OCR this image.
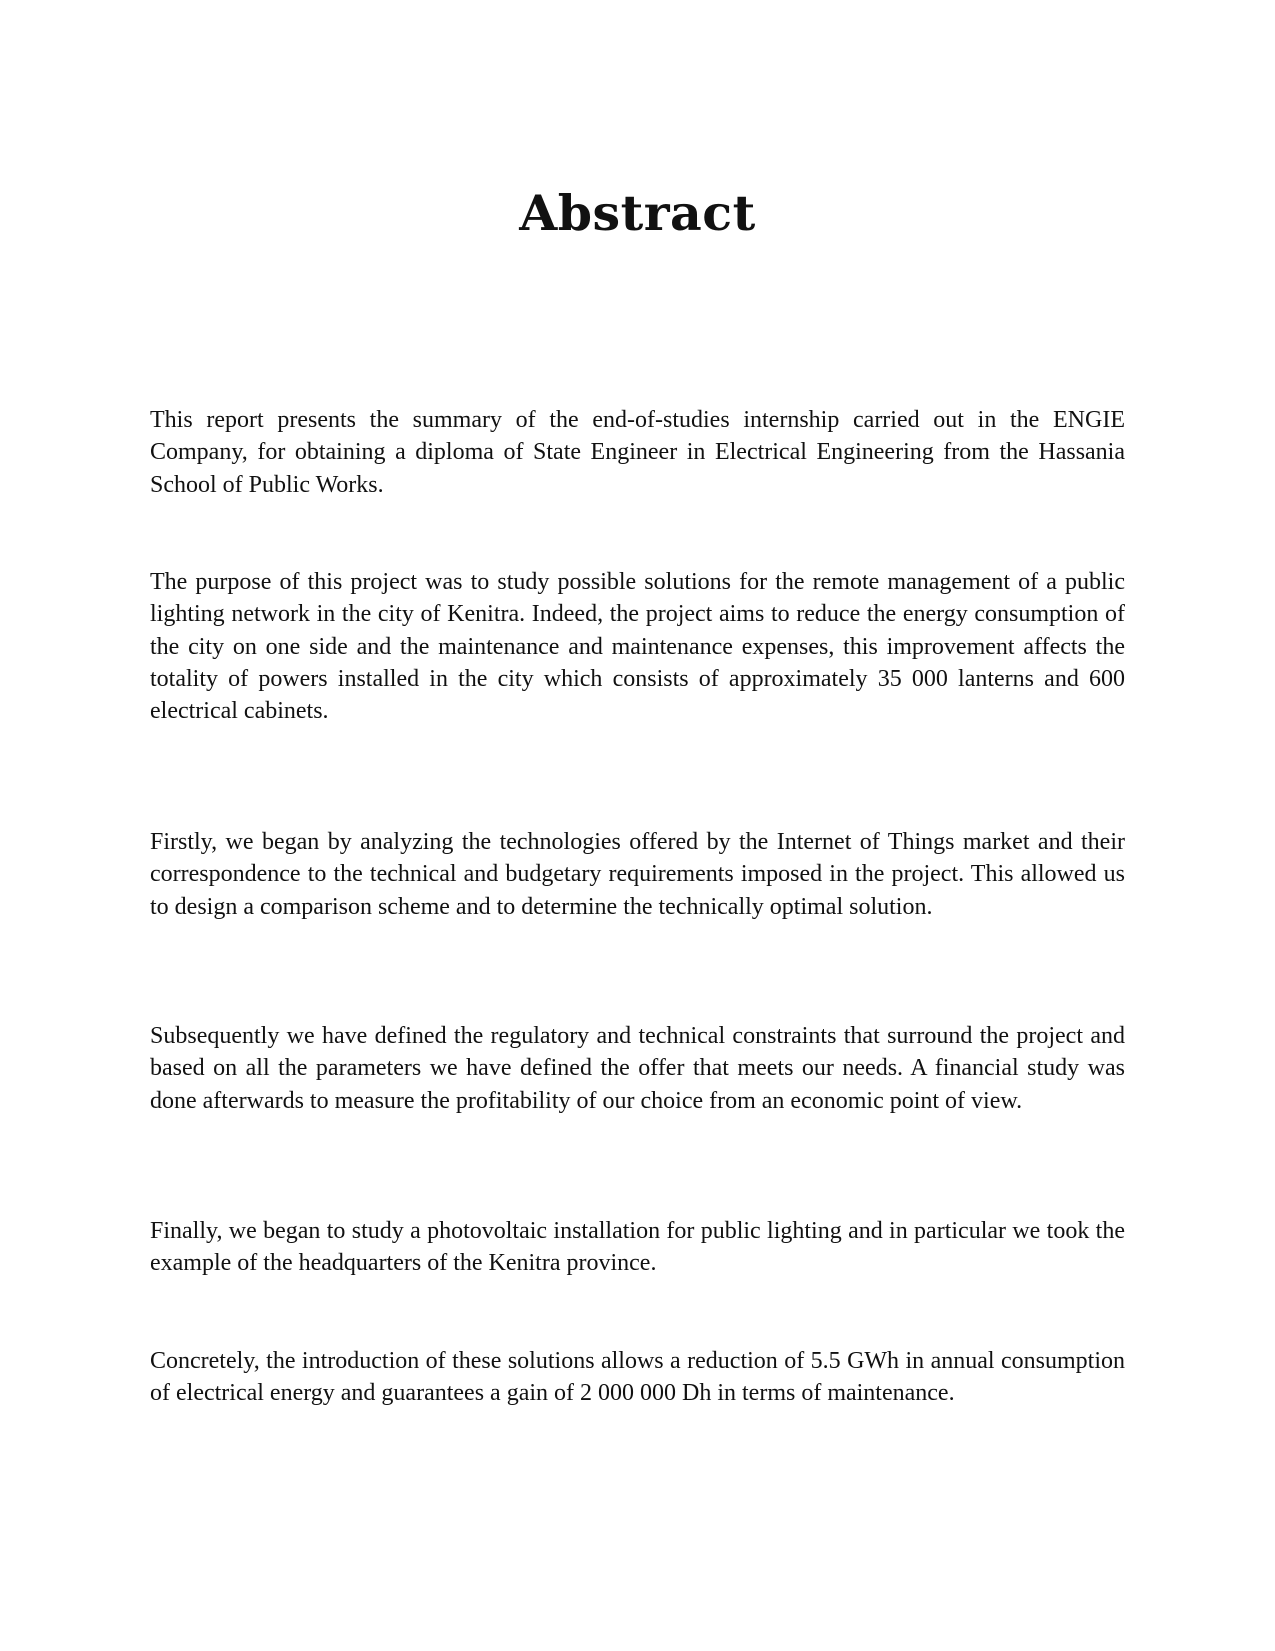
Abstract

This report presents the summary of the end-of-studies internship carried out in the ENGIE Company, for obtaining a diploma of State Engineer in Electrical Engineering from the Hassania School of Public Works.

The purpose of this project was to study possible solutions for the remote management of a public lighting network in the city of Kenitra. Indeed, the project aims to reduce the energy consumption of the city on one side and the maintenance and maintenance expenses, this improvement affects the totality of powers installed in the city which consists of approximately 35 000 lanterns and 600 electrical cabinets.

Firstly, we began by analyzing the technologies offered by the Internet of Things market and their correspondence to the technical and budgetary requirements imposed in the project. This allowed us to design a comparison scheme and to determine the technically optimal solution.

Subsequently we have defined the regulatory and technical constraints that surround the project and based on all the parameters we have defined the offer that meets our needs. A financial study was done afterwards to measure the profitability of our choice from an economic point of view.

Finally, we began to study a photovoltaic installation for public lighting and in particular we took the example of the headquarters of the Kenitra province.

Concretely, the introduction of these solutions allows a reduction of 5.5 GWh in annual consumption of electrical energy and guarantees a gain of 2 000 000 Dh in terms of maintenance.
